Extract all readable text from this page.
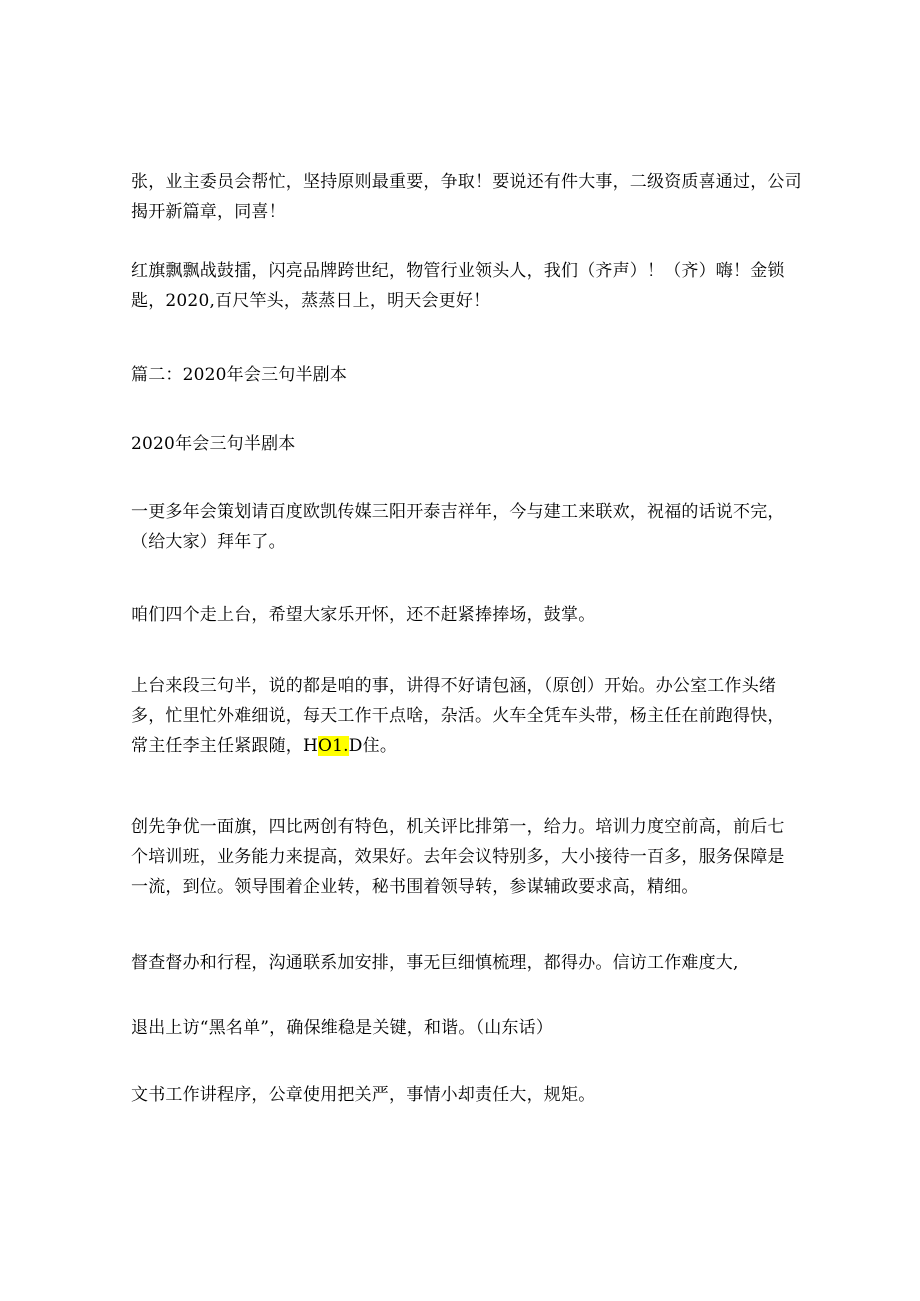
张，业主委员会帮忙，坚持原则最重要，争取！要说还有件大事，二级资质喜通过，公司
揭开新篇章，同喜！

红旗飘飘战鼓擂，闪亮品牌跨世纪，物管行业领头人，我们（齐声）！（齐）嗨！金锁
匙，2020,百尺竿头，蒸蒸日上，明天会更好！

篇二：2020年会三句半剧本

2020年会三句半剧本

一更多年会策划请百度欧凯传媒三阳开泰吉祥年，今与建工来联欢，祝福的话说不完，
（给大家）拜年了。

咱们四个走上台，希望大家乐开怀，还不赶紧捧捧场，鼓掌。

上台来段三句半，说的都是咱的事，讲得不好请包涵，（原创）开始。办公室工作头绪
多，忙里忙外难细说，每天工作干点啥，杂活。火车全凭车头带，杨主任在前跑得快，
常主任李主任紧跟随，HO1.D住。

创先争优一面旗，四比两创有特色，机关评比排第一，给力。培训力度空前高，前后七
个培训班，业务能力来提高，效果好。去年会议特别多，大小接待一百多，服务保障是
一流，到位。领导围着企业转，秘书围着领导转，参谋辅政要求高，精细。

督查督办和行程，沟通联系加安排，事无巨细慎梳理，都得办。信访工作难度大,

退出上访“黑名单”，确保维稳是关键，和谐。（山东话）

文书工作讲程序，公章使用把关严，事情小却责任大，规矩。
